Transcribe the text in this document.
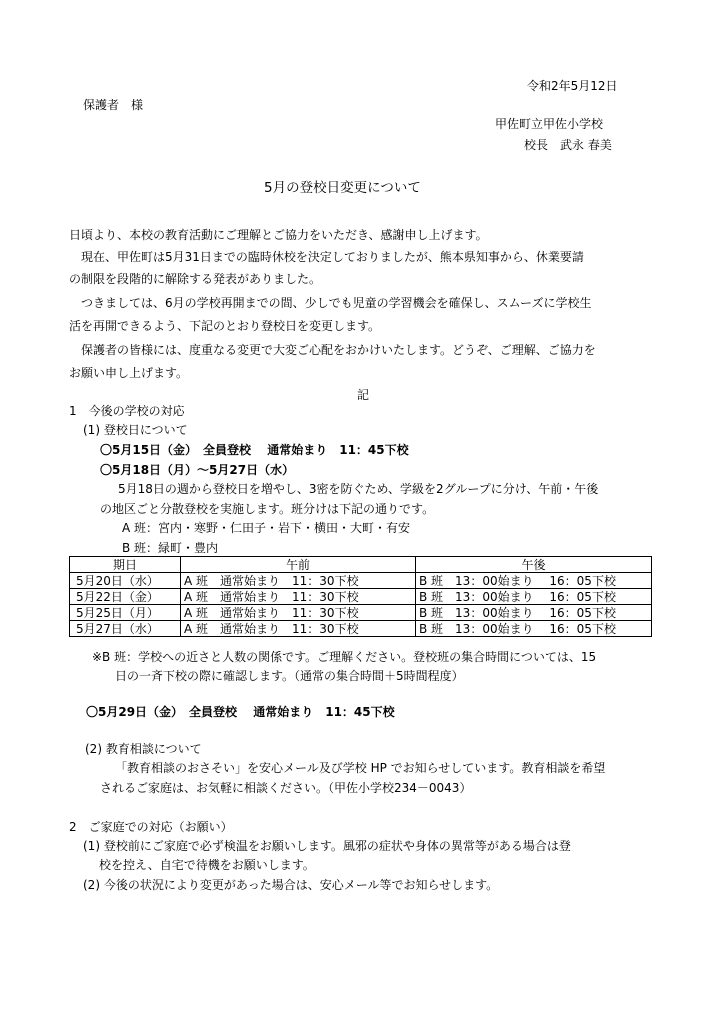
令和2年5月12日
保護者　様
甲佐町立甲佐小学校
校長　武永 春美
5月の登校日変更について
日頃より、本校の教育活動にご理解とご協力をいただき、感謝申し上げます。
現在、甲佐町は5月31日までの臨時休校を決定しておりましたが、熊本県知事から、休業要請
の制限を段階的に解除する発表がありました。
つきましては、6月の学校再開までの間、少しでも児童の学習機会を確保し、スムーズに学校生
活を再開できるよう、下記のとおり登校日を変更します。
保護者の皆様には、度重なる変更で大変ご心配をおかけいたします。どうぞ、ご理解、ご協力を
お願い申し上げます。
記
1　今後の学校の対応
(1) 登校日について
〇5月15日（金）　全員登校　 通常始まり　11：45下校
〇5月18日（月）～5月27日（水）
5月18日の週から登校日を増やし、3密を防ぐため、学級を2グループに分け、午前・午後
の地区ごと分散登校を実施します。班分けは下記の通りです。
A 班：宮内・寒野・仁田子・岩下・横田・大町・有安
B 班：緑町・豊内
期日	午前	午後
5月20日（水）	A 班　通常始まり　11：30下校	B 班　13：00始まり　 16：05下校
5月22日（金）	A 班　通常始まり　11：30下校	B 班　13：00始まり　 16：05下校
5月25日（月）	A 班　通常始まり　11：30下校	B 班　13：00始まり　 16：05下校
5月27日（水）	A 班　通常始まり　11：30下校	B 班　13：00始まり　 16：05下校
※B 班：学校への近さと人数の関係です。ご理解ください。登校班の集合時間については、15
日の一斉下校の際に確認します。（通常の集合時間＋5時間程度）
〇5月29日（金）　全員登校　 通常始まり　11：45下校
(2) 教育相談について
「教育相談のおさそい」を安心メール及び学校 HP でお知らせしています。教育相談を希望
されるご家庭は、お気軽に相談ください。（甲佐小学校234－0043）
2　ご家庭での対応（お願い）
(1) 登校前にご家庭で必ず検温をお願いします。風邪の症状や身体の異常等がある場合は登
校を控え、自宅で待機をお願いします。
(2) 今後の状況により変更があった場合は、安心メール等でお知らせします。
